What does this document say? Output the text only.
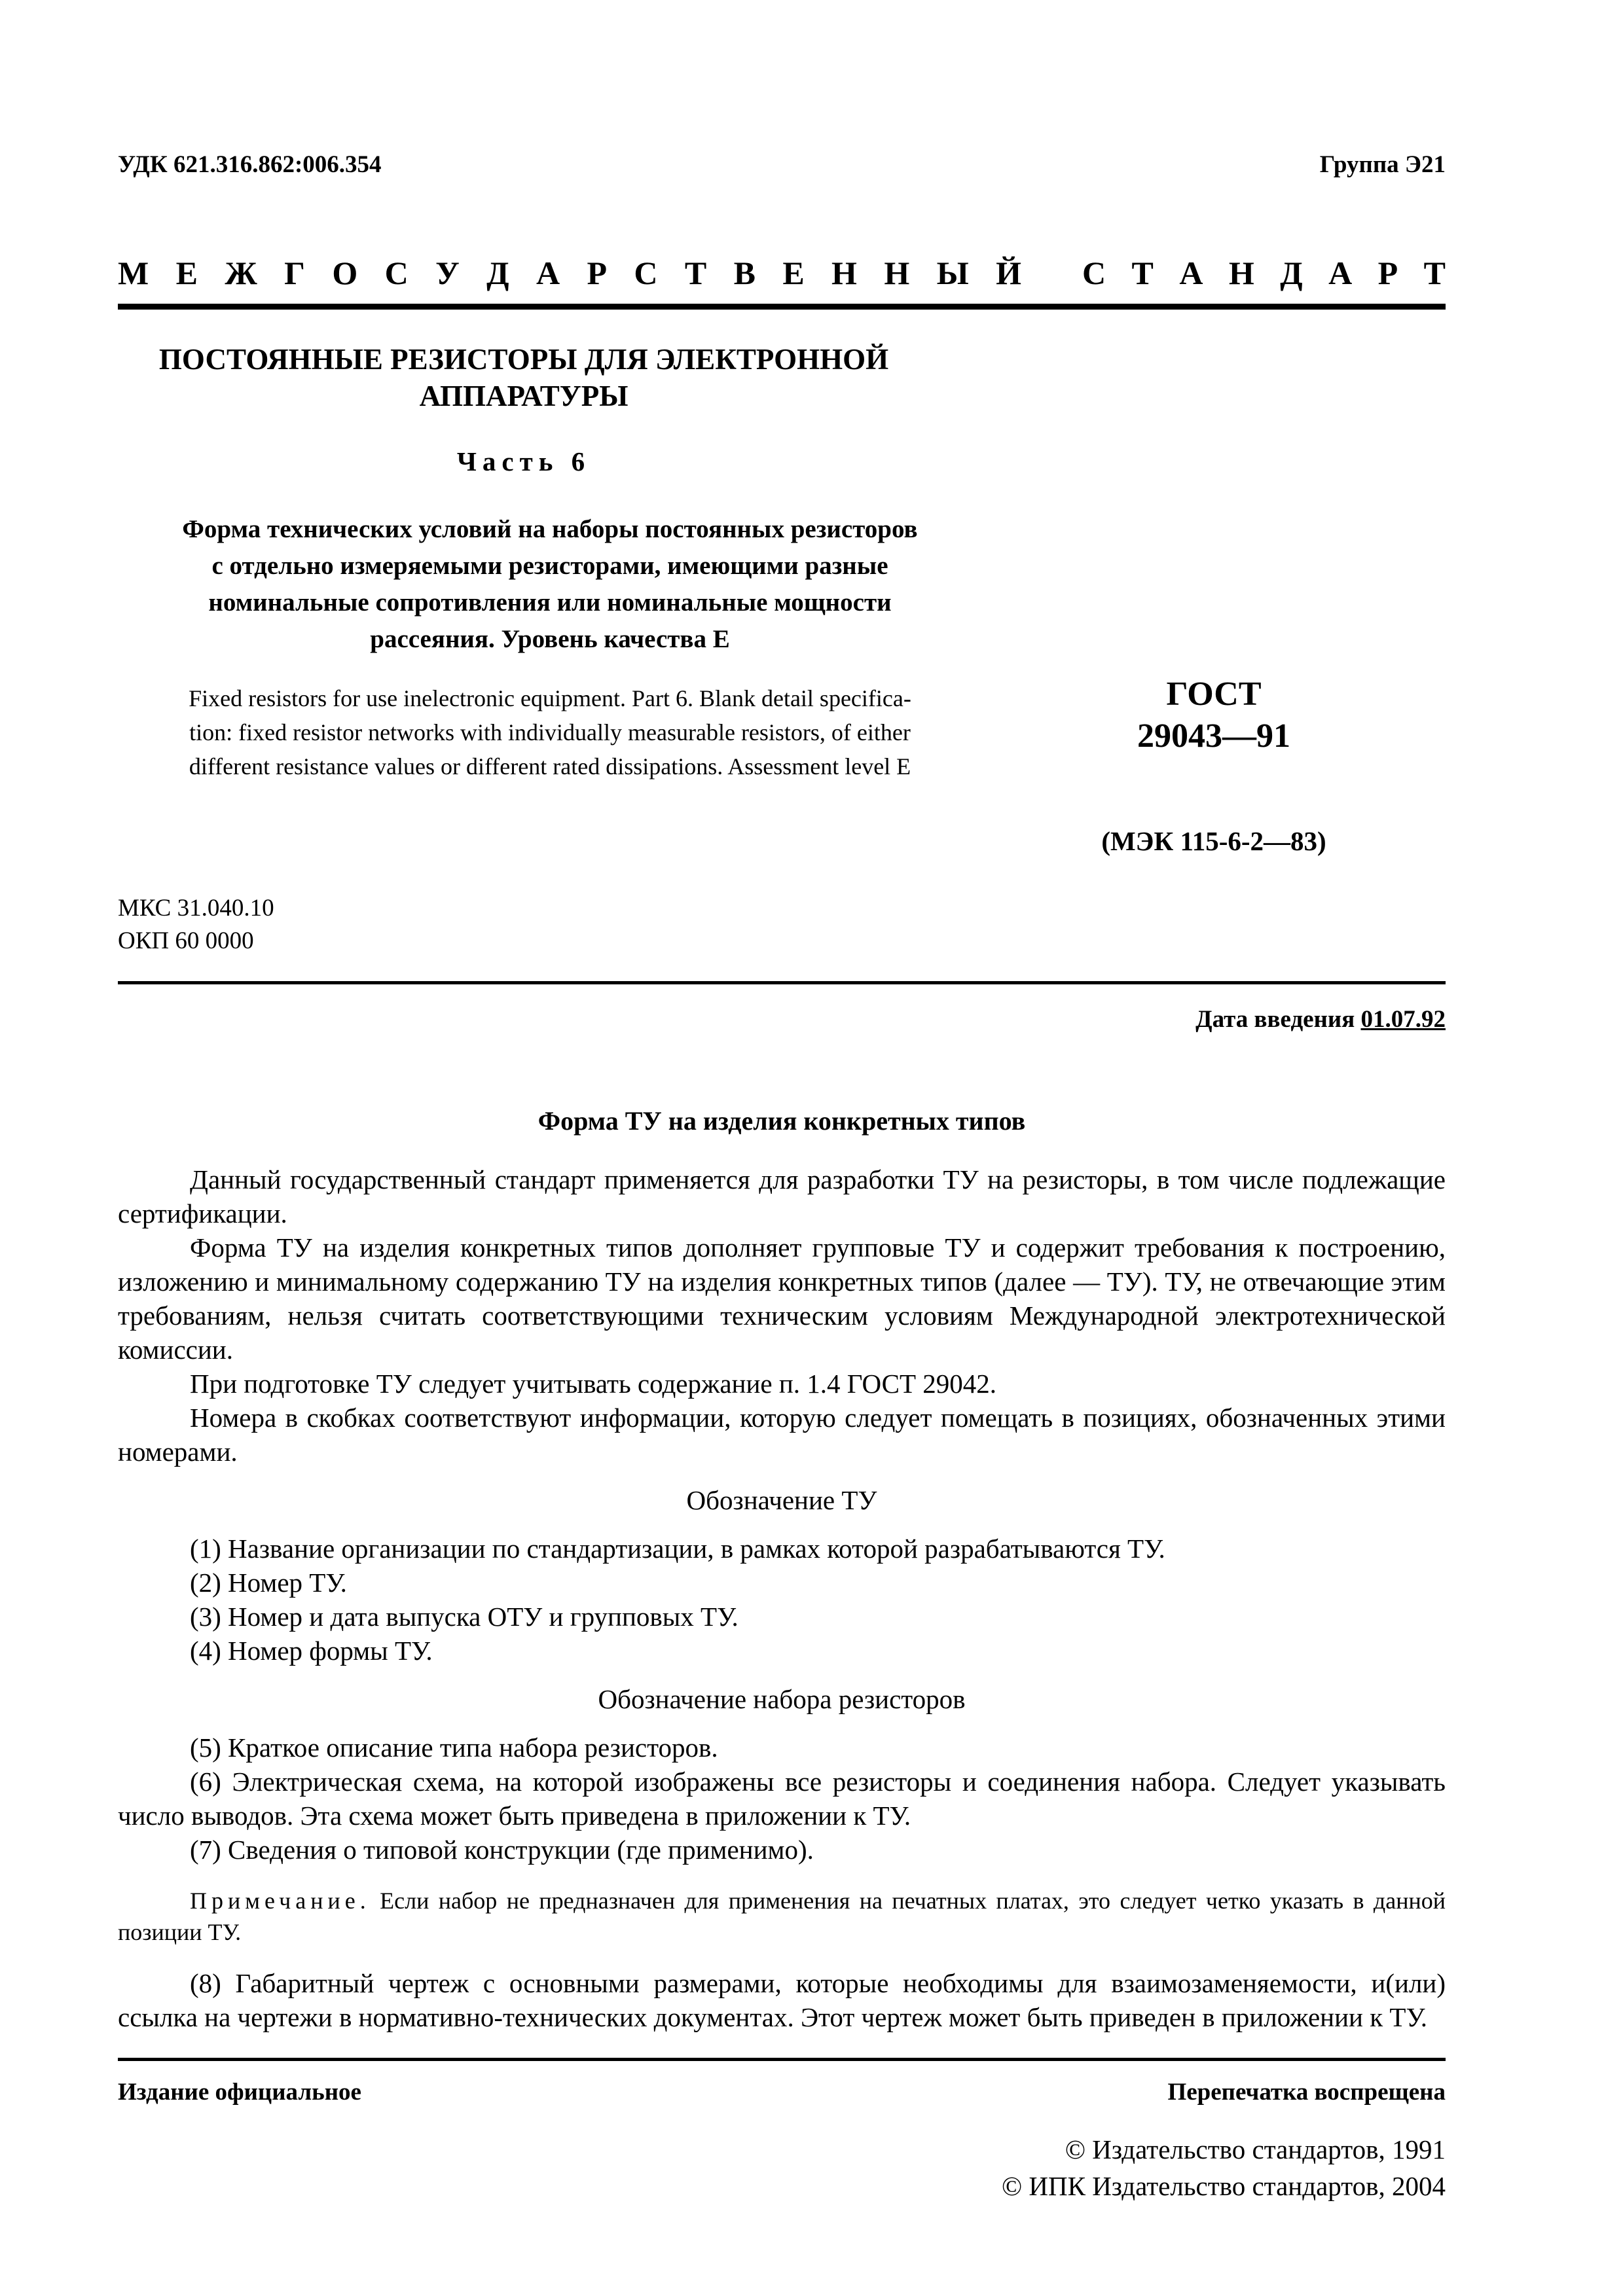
УДК 621.316.862:006.354	Группа Э21
М Е Ж Г О С У Д А Р С Т В Е Н Н Ы Й С Т А Н Д А Р Т
ПОСТОЯННЫЕ РЕЗИСТОРЫ ДЛЯ ЭЛЕКТРОННОЙ
АППАРАТУРЫ
Часть 6
Форма технических условий на наборы постоянных резисторов
с отдельно измеряемыми резисторами, имеющими разные
номинальные сопротивления или номинальные мощности
рассеяния. Уровень качества Е
Fixed resistors for use inelectronic equipment. Part 6. Blank detail specifica-
tion: fixed resistor networks with individually measurable resistors, of either
different resistance values or different rated dissipations. Assessment level E
ГОСТ
29043—91
(МЭК 115-6-2—83)
МКС 31.040.10
ОКП 60 0000
Дата введения 01.07.92
Форма ТУ на изделия конкретных типов
Данный государственный стандарт применяется для разработки ТУ на резисторы, в том числе подлежащие сертификации.
Форма ТУ на изделия конкретных типов дополняет групповые ТУ и содержит требования к построению, изложению и минимальному содержанию ТУ на изделия конкретных типов (далее — ТУ). ТУ, не отвечающие этим требованиям, нельзя считать соответствующими техническим условиям Международной электротехнической комиссии.
При подготовке ТУ следует учитывать содержание п. 1.4 ГОСТ 29042.
Номера в скобках соответствуют информации, которую следует помещать в позициях, обозначенных этими номерами.
Обозначение ТУ
(1) Название организации по стандартизации, в рамках которой разрабатываются ТУ.
(2) Номер ТУ.
(3) Номер и дата выпуска ОТУ и групповых ТУ.
(4) Номер формы ТУ.
Обозначение набора резисторов
(5) Краткое описание типа набора резисторов.
(6) Электрическая схема, на которой изображены все резисторы и соединения набора. Следует указывать число выводов. Эта схема может быть приведена в приложении к ТУ.
(7) Сведения о типовой конструкции (где применимо).
Примечание. Если набор не предназначен для применения на печатных платах, это следует четко указать в данной позиции ТУ.
(8) Габаритный чертеж с основными размерами, которые необходимы для взаимозаменяемости, и(или) ссылка на чертежи в нормативно-технических документах. Этот чертеж может быть приведен в приложении к ТУ.
Издание официальное	Перепечатка воспрещена
© Издательство стандартов, 1991
© ИПК Издательство стандартов, 2004
